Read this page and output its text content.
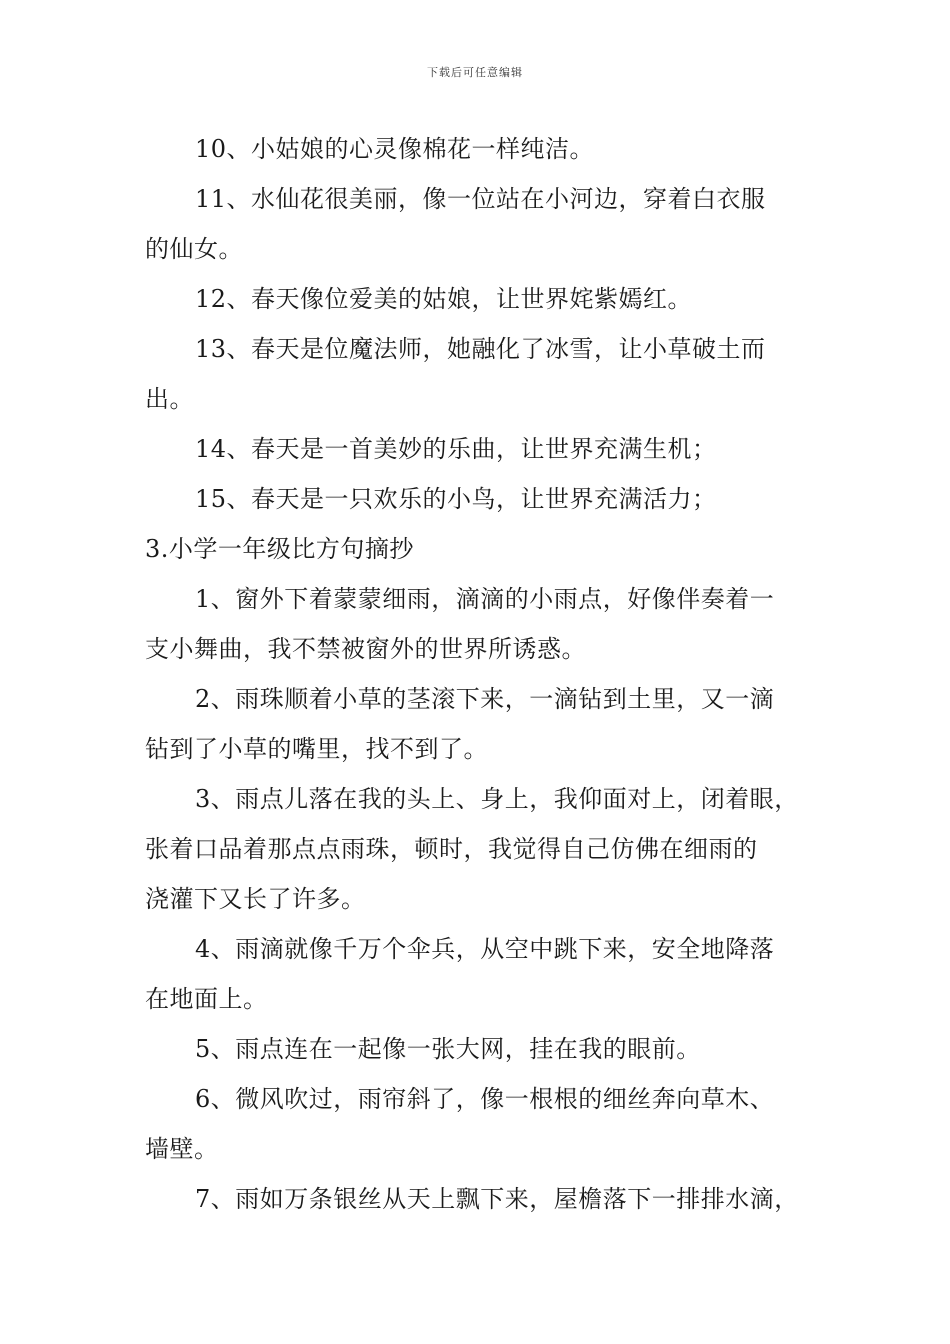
下载后可任意编辑
10、小姑娘的心灵像棉花一样纯洁。
11、水仙花很美丽，像一位站在小河边，穿着白衣服
的仙女。
12、春天像位爱美的姑娘，让世界姹紫嫣红。
13、春天是位魔法师，她融化了冰雪，让小草破土而
出。
14、春天是一首美妙的乐曲，让世界充满生机；
15、春天是一只欢乐的小鸟，让世界充满活力；
3.小学一年级比方句摘抄
1、窗外下着蒙蒙细雨，滴滴的小雨点，好像伴奏着一
支小舞曲，我不禁被窗外的世界所诱惑。
2、雨珠顺着小草的茎滚下来，一滴钻到土里，又一滴
钻到了小草的嘴里，找不到了。
3、雨点儿落在我的头上、身上，我仰面对上，闭着眼，
张着口品着那点点雨珠，顿时，我觉得自己仿佛在细雨的
浇灌下又长了许多。
4、雨滴就像千万个伞兵，从空中跳下来，安全地降落
在地面上。
5、雨点连在一起像一张大网，挂在我的眼前。
6、微风吹过，雨帘斜了，像一根根的细丝奔向草木、
墙壁。
7、雨如万条银丝从天上飘下来，屋檐落下一排排水滴，
